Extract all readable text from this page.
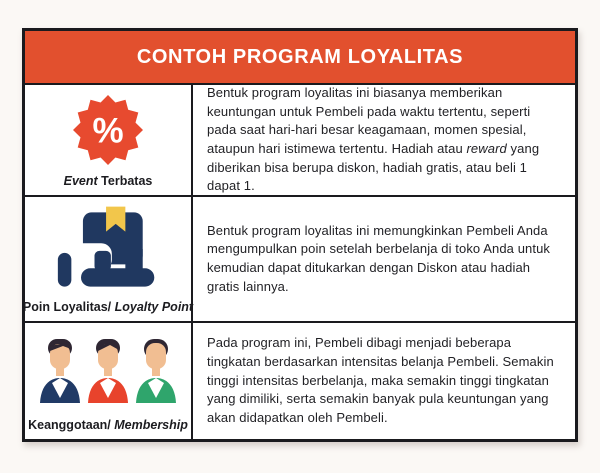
CONTOH PROGRAM LOYALITAS
%
Event Terbatas

Bentuk program loyalitas ini biasanya memberikan keuntungan untuk Pembeli pada waktu tertentu, seperti pada saat hari-hari besar keagamaan, momen spesial, ataupun hari istimewa tertentu. Hadiah atau reward yang diberikan bisa berupa diskon, hadiah gratis, atau beli 1 dapat 1.

Poin Loyalitas/ Loyalty Point

Bentuk program loyalitas ini memungkinkan Pembeli Anda mengumpulkan poin setelah berbelanja di toko Anda untuk kemudian dapat ditukarkan dengan Diskon atau hadiah gratis lainnya.

Keanggotaan/ Membership

Pada program ini, Pembeli dibagi menjadi beberapa tingkatan berdasarkan intensitas belanja Pembeli. Semakin tinggi intensitas berbelanja, maka semakin tinggi tingkatan yang dimiliki, serta semakin banyak pula keuntungan yang akan didapatkan oleh Pembeli.
